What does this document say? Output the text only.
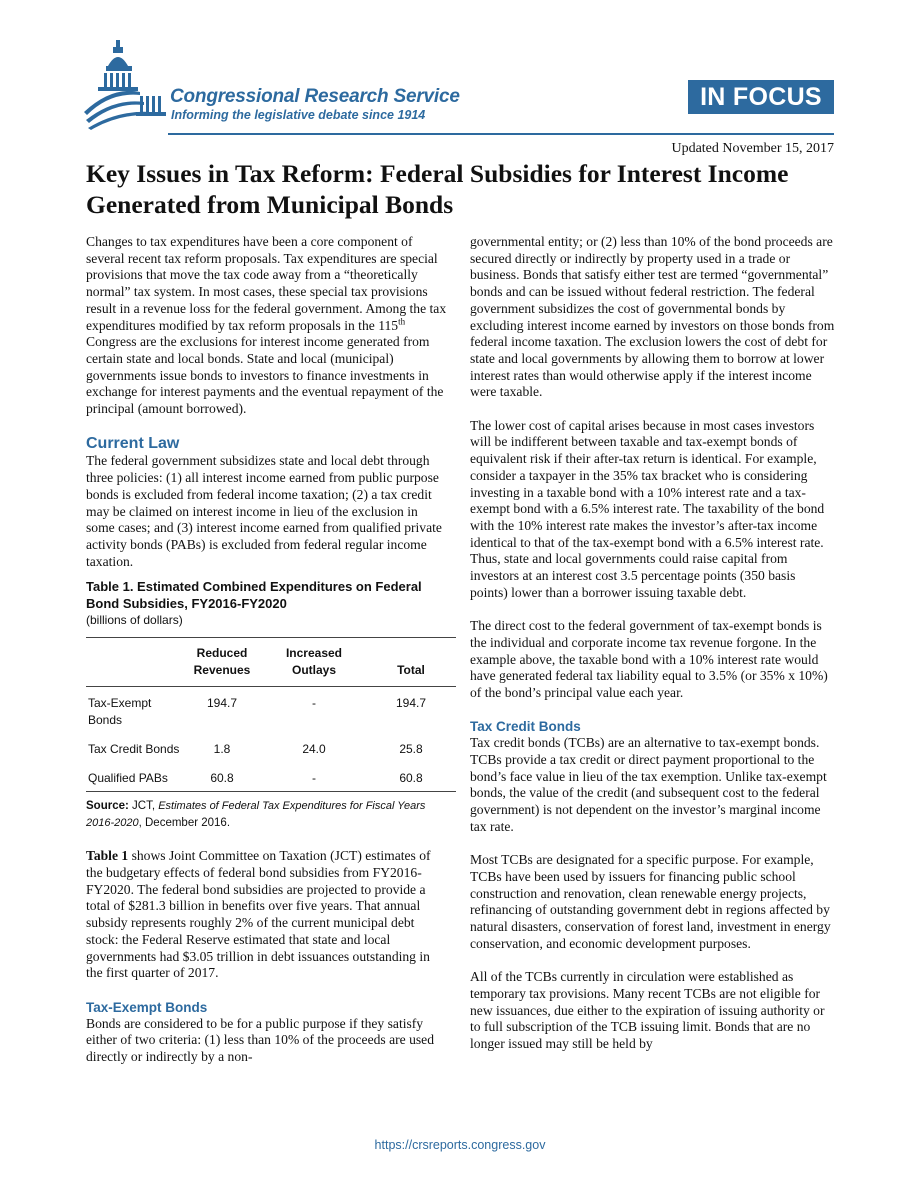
Congressional Research Service
Informing the legislative debate since 1914
IN FOCUS
Updated November 15, 2017
Key Issues in Tax Reform: Federal Subsidies for Interest Income Generated from Municipal Bonds

Changes to tax expenditures have been a core component of several recent tax reform proposals. Tax expenditures are special provisions that move the tax code away from a “theoretically normal” tax system. In most cases, these special tax provisions result in a revenue loss for the federal government. Among the tax expenditures modified by tax reform proposals in the 115th Congress are the exclusions for interest income generated from certain state and local bonds. State and local (municipal) governments issue bonds to investors to finance investments in exchange for interest payments and the eventual repayment of the principal (amount borrowed).

Current Law

The federal government subsidizes state and local debt through three policies: (1) all interest income earned from public purpose bonds is excluded from federal income taxation; (2) a tax credit may be claimed on interest income in lieu of the exclusion in some cases; and (3) interest income earned from qualified private activity bonds (PABs) is excluded from federal regular income taxation.

Table 1. Estimated Combined Expenditures on Federal Bond Subsidies, FY2016-FY2020
(billions of dollars)
	Reduced Revenues	Increased Outlays	Total
Tax-Exempt Bonds	194.7	-	194.7
Tax Credit Bonds	1.8	24.0	25.8
Qualified PABs	60.8	-	60.8
Source: JCT, Estimates of Federal Tax Expenditures for Fiscal Years 2016-2020, December 2016.

Table 1 shows Joint Committee on Taxation (JCT) estimates of the budgetary effects of federal bond subsidies from FY2016-FY2020. The federal bond subsidies are projected to provide a total of $281.3 billion in benefits over five years. That annual subsidy represents roughly 2% of the current municipal debt stock: the Federal Reserve estimated that state and local governments had $3.05 trillion in debt issuances outstanding in the first quarter of 2017.

Tax-Exempt Bonds

Bonds are considered to be for a public purpose if they satisfy either of two criteria: (1) less than 10% of the proceeds are used directly or indirectly by a non-

governmental entity; or (2) less than 10% of the bond proceeds are secured directly or indirectly by property used in a trade or business. Bonds that satisfy either test are termed “governmental” bonds and can be issued without federal restriction. The federal government subsidizes the cost of governmental bonds by excluding interest income earned by investors on those bonds from federal income taxation. The exclusion lowers the cost of debt for state and local governments by allowing them to borrow at lower interest rates than would otherwise apply if the interest income were taxable.

The lower cost of capital arises because in most cases investors will be indifferent between taxable and tax-exempt bonds of equivalent risk if their after-tax return is identical. For example, consider a taxpayer in the 35% tax bracket who is considering investing in a taxable bond with a 10% interest rate and a tax-exempt bond with a 6.5% interest rate. The taxability of the bond with the 10% interest rate makes the investor’s after-tax income identical to that of the tax-exempt bond with a 6.5% interest rate. Thus, state and local governments could raise capital from investors at an interest cost 3.5 percentage points (350 basis points) lower than a borrower issuing taxable debt.

The direct cost to the federal government of tax-exempt bonds is the individual and corporate income tax revenue forgone. In the example above, the taxable bond with a 10% interest rate would have generated federal tax liability equal to 3.5% (or 35% x 10%) of the bond’s principal value each year.

Tax Credit Bonds

Tax credit bonds (TCBs) are an alternative to tax-exempt bonds. TCBs provide a tax credit or direct payment proportional to the bond’s face value in lieu of the tax exemption. Unlike tax-exempt bonds, the value of the credit (and subsequent cost to the federal government) is not dependent on the investor’s marginal income tax rate.

Most TCBs are designated for a specific purpose. For example, TCBs have been used by issuers for financing public school construction and renovation, clean renewable energy projects, refinancing of outstanding government debt in regions affected by natural disasters, conservation of forest land, investment in energy conservation, and economic development purposes.

All of the TCBs currently in circulation were established as temporary tax provisions. Many recent TCBs are not eligible for new issuances, due either to the expiration of issuing authority or to full subscription of the TCB issuing limit. Bonds that are no longer issued may still be held by

https://crsreports.congress.gov
